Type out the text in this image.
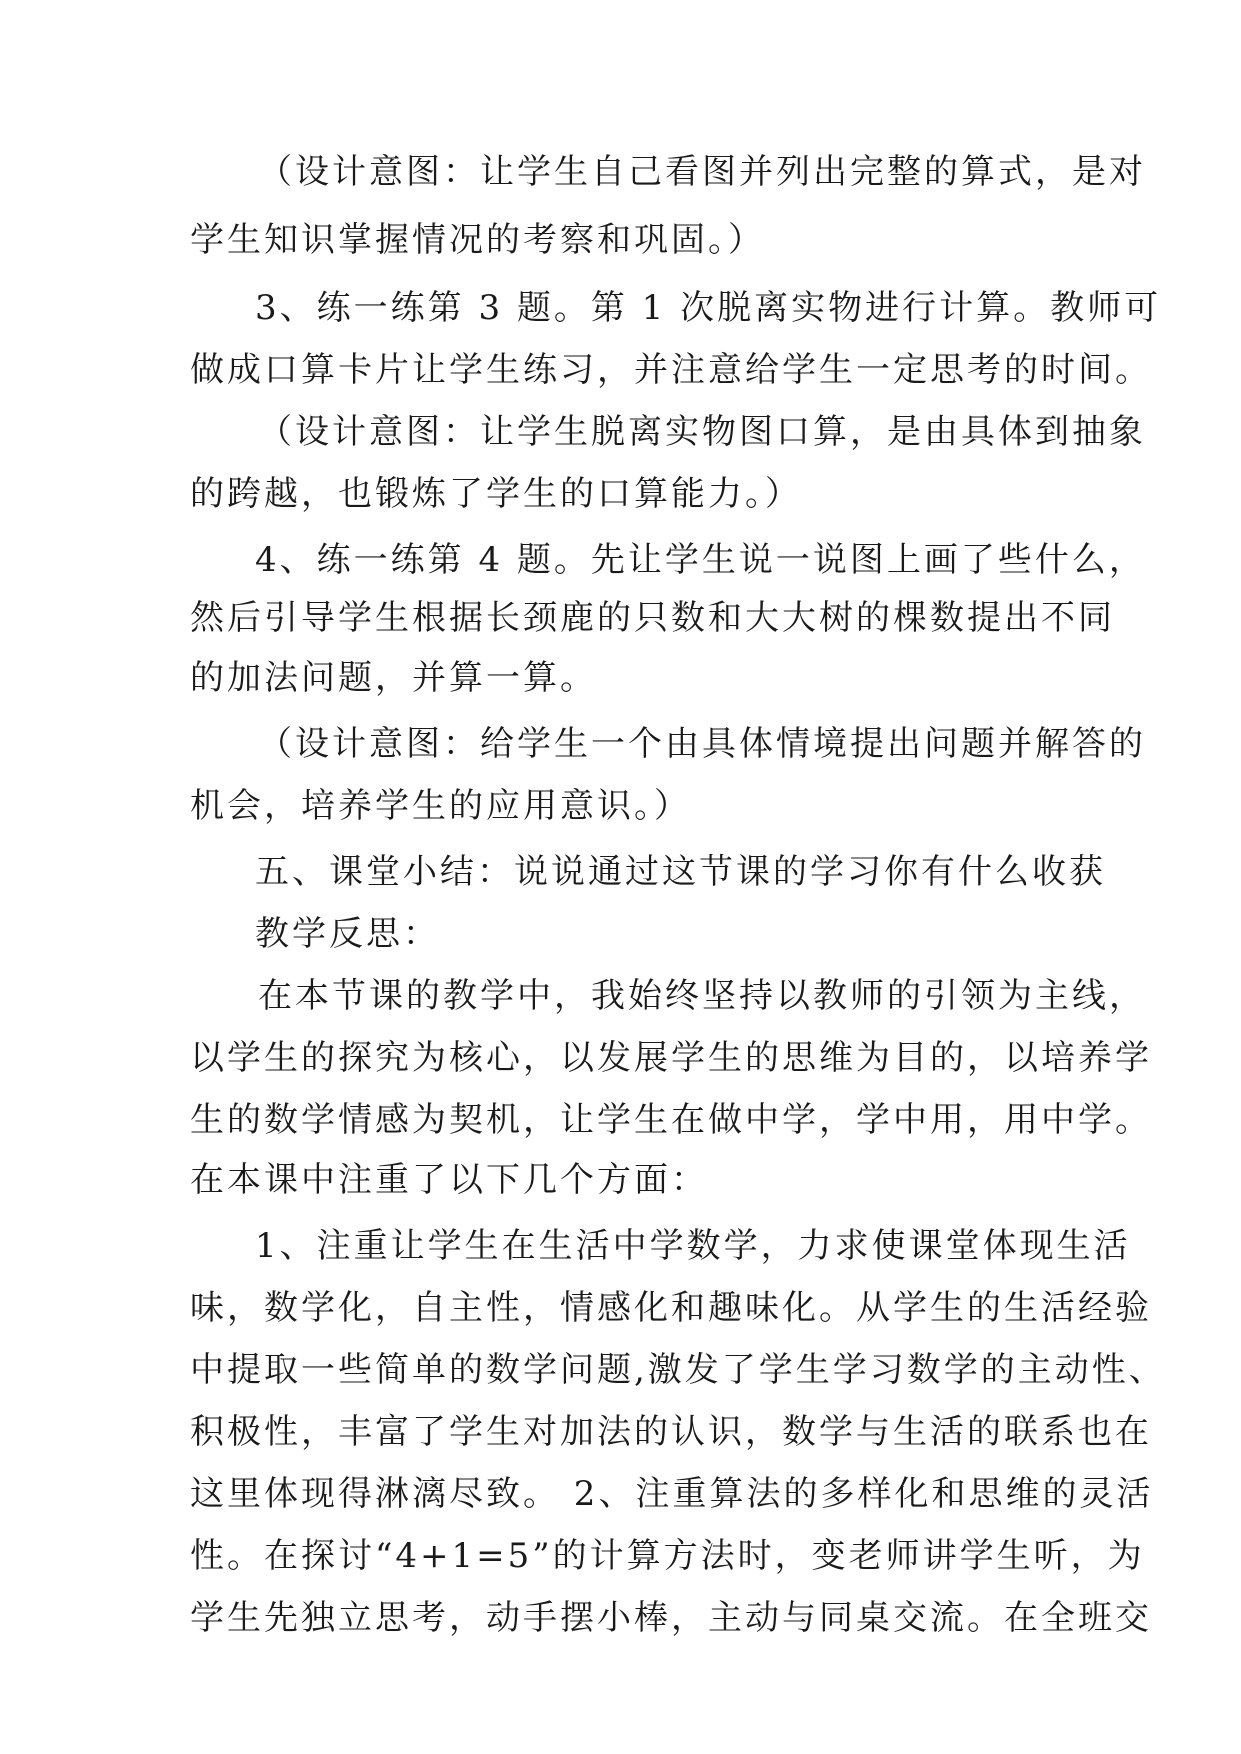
（设计意图：让学生自己看图并列出完整的算式，是对
学生知识掌握情况的考察和巩固。）
3、练一练第 3 题。第 1 次脱离实物进行计算。教师可
做成口算卡片让学生练习，并注意给学生一定思考的时间。
（设计意图：让学生脱离实物图口算，是由具体到抽象
的跨越，也锻炼了学生的口算能力。）
4、练一练第 4 题。先让学生说一说图上画了些什么，
然后引导学生根据长颈鹿的只数和大大树的棵数提出不同
的加法问题，并算一算。
（设计意图：给学生一个由具体情境提出问题并解答的
机会，培养学生的应用意识。）
五、课堂小结：说说通过这节课的学习你有什么收获
教学反思：
在本节课的教学中，我始终坚持以教师的引领为主线，
以学生的探究为核心，以发展学生的思维为目的，以培养学
生的数学情感为契机，让学生在做中学，学中用，用中学。
在本课中注重了以下几个方面：
1、注重让学生在生活中学数学，力求使课堂体现生活
味，数学化，自主性，情感化和趣味化。从学生的生活经验
中提取一些简单的数学问题,激发了学生学习数学的主动性、
积极性，丰富了学生对加法的认识，数学与生活的联系也在
这里体现得淋漓尽致。 2、注重算法的多样化和思维的灵活
性。在探讨“4+1=5”的计算方法时，变老师讲学生听，为
学生先独立思考，动手摆小棒，主动与同桌交流。在全班交
